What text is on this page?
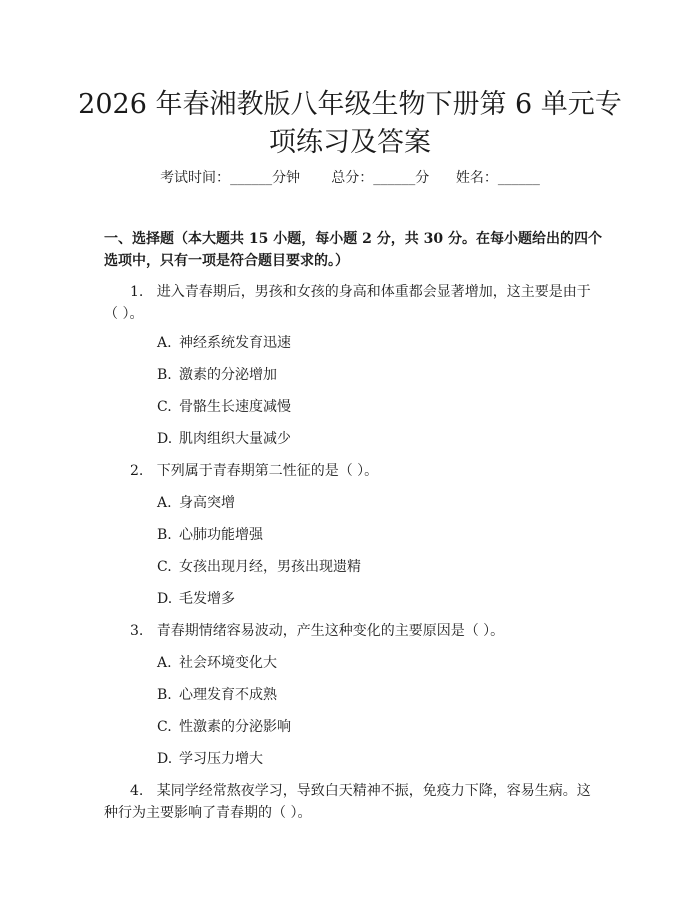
2026 年春湘教版八年级生物下册第 6 单元专
项练习及答案
考试时间：______分钟 总分：______分 姓名：______
一、选择题（本大题共 15 小题，每小题 2 分，共 30 分。在每小题给出的四个选项中，只有一项是符合题目要求的。）
1. 进入青春期后，男孩和女孩的身高和体重都会显著增加，这主要是由于（ ）。
A. 神经系统发育迅速
B. 激素的分泌增加
C. 骨骼生长速度减慢
D. 肌肉组织大量减少
2. 下列属于青春期第二性征的是（ ）。
A. 身高突增
B. 心肺功能增强
C. 女孩出现月经，男孩出现遗精
D. 毛发增多
3. 青春期情绪容易波动，产生这种变化的主要原因是（ ）。
A. 社会环境变化大
B. 心理发育不成熟
C. 性激素的分泌影响
D. 学习压力增大
4. 某同学经常熬夜学习，导致白天精神不振，免疫力下降，容易生病。这种行为主要影响了青春期的（ ）。
